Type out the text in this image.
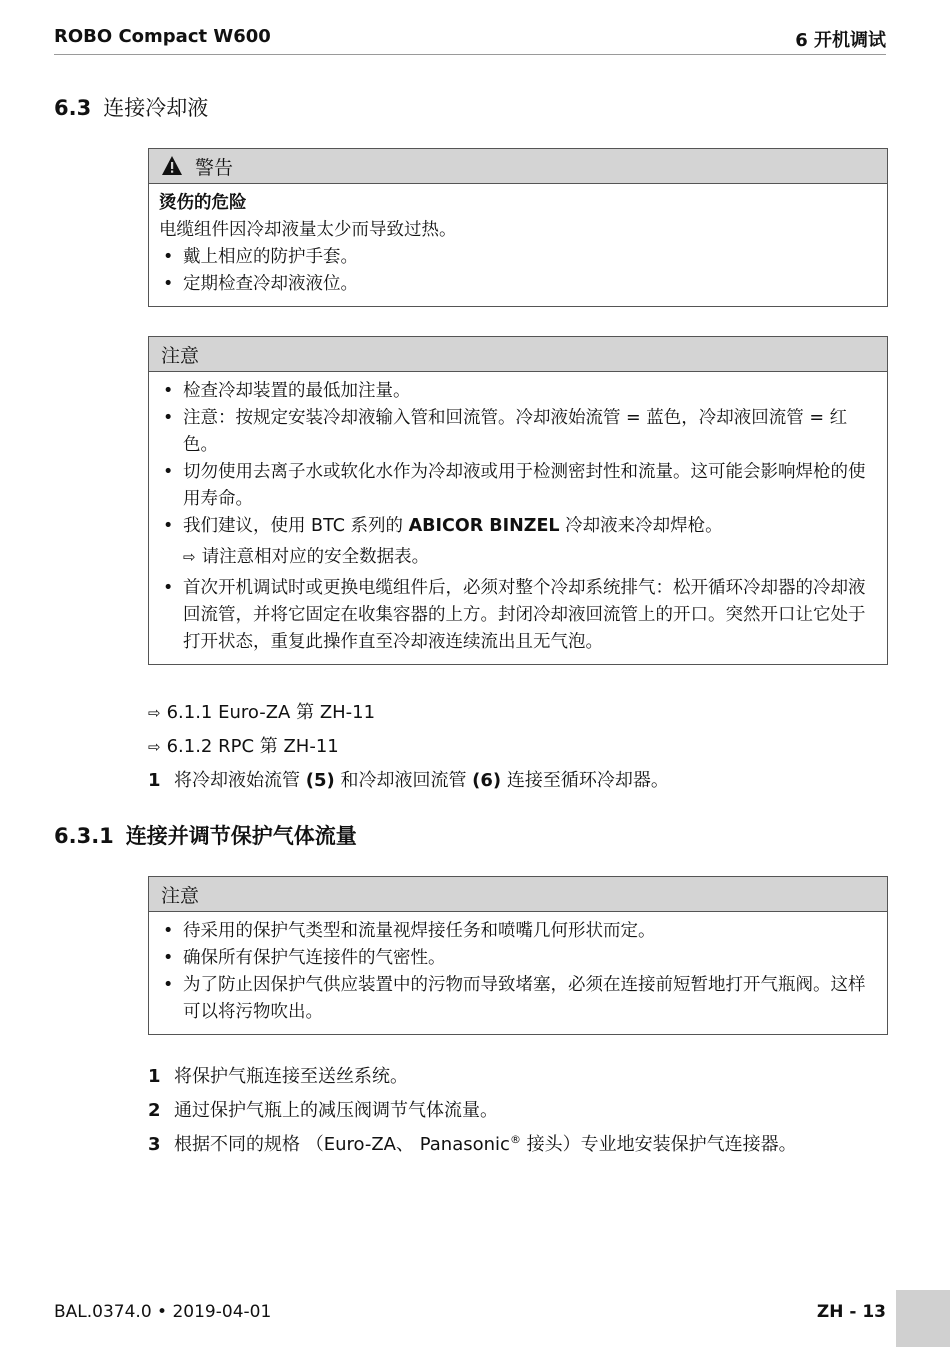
ROBO Compact W600	6 开机调试
6.3 连接冷却液
警告
烫伤的危险
电缆组件因冷却液量太少而导致过热。
• 戴上相应的防护手套。
• 定期检查冷却液液位。
注意
• 检查冷却装置的最低加注量。
• 注意：按规定安装冷却液输入管和回流管。冷却液始流管 = 蓝色，冷却液回流管 = 红色。
• 切勿使用去离子水或软化水作为冷却液或用于检测密封性和流量。这可能会影响焊枪的使用寿命。
• 我们建议，使用 BTC 系列的 ABICOR BINZEL 冷却液来冷却焊枪。
⇨ 请注意相对应的安全数据表。
• 首次开机调试时或更换电缆组件后，必须对整个冷却系统排气：松开循环冷却器的冷却液回流管，并将它固定在收集容器的上方。封闭冷却液回流管上的开口。突然开口让它处于打开状态，重复此操作直至冷却液连续流出且无气泡。
⇨ 6.1.1 Euro-ZA 第 ZH-11
⇨ 6.1.2 RPC 第 ZH-11
1 将冷却液始流管 (5) 和冷却液回流管 (6) 连接至循环冷却器。
6.3.1 连接并调节保护气体流量
注意
• 待采用的保护气类型和流量视焊接任务和喷嘴几何形状而定。
• 确保所有保护气连接件的气密性。
• 为了防止因保护气供应装置中的污物而导致堵塞，必须在连接前短暂地打开气瓶阀。这样可以将污物吹出。
1 将保护气瓶连接至送丝系统。
2 通过保护气瓶上的减压阀调节气体流量。
3 根据不同的规格 （Euro-ZA、 Panasonic® 接头）专业地安装保护气连接器。
BAL.0374.0 • 2019-04-01	ZH - 13
